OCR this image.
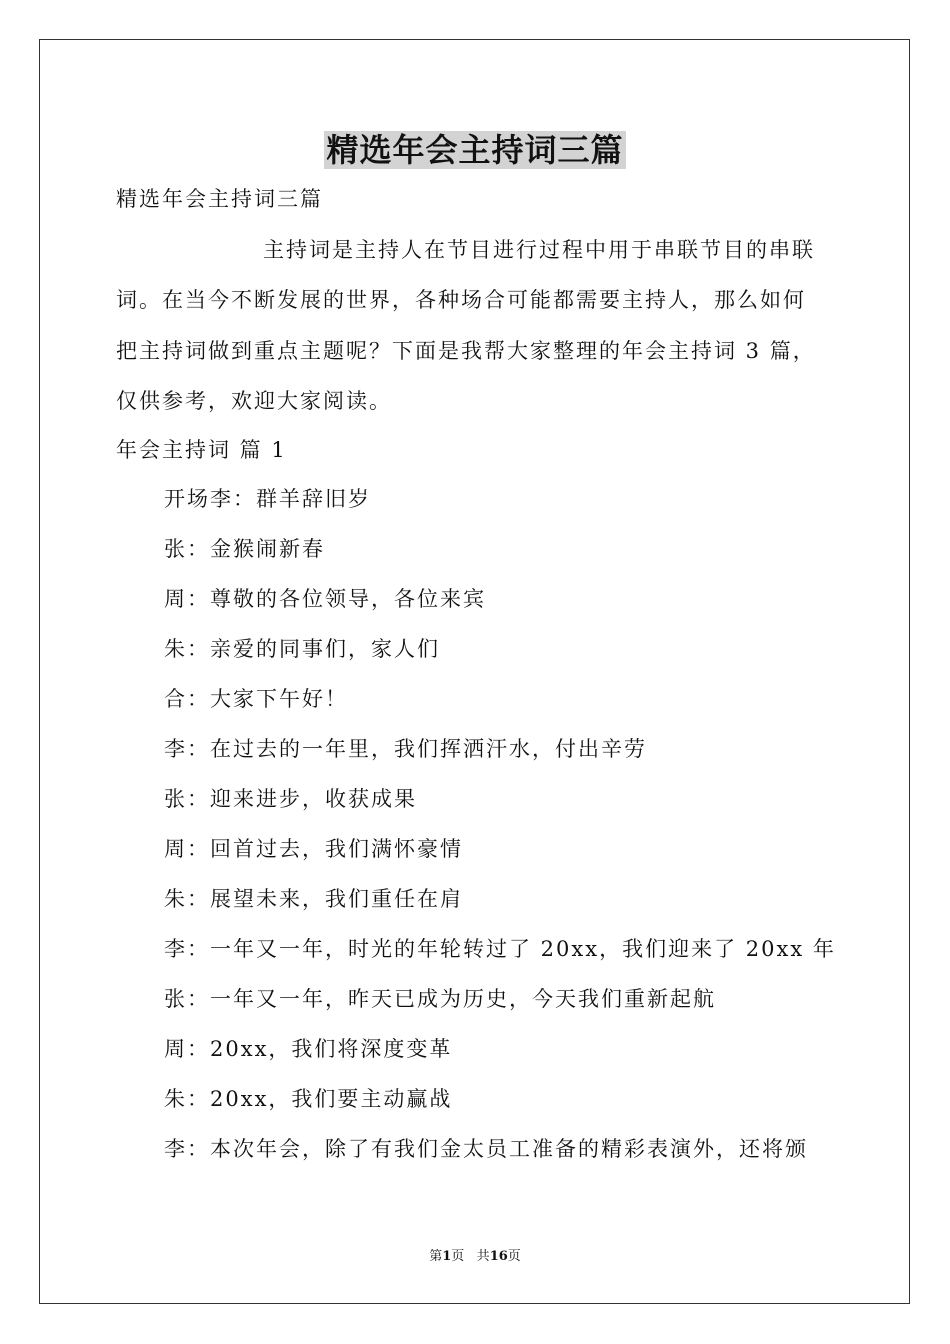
精选年会主持词三篇
精选年会主持词三篇
主持词是主持人在节目进行过程中用于串联节目的串联
词。在当今不断发展的世界，各种场合可能都需要主持人，那么如何
把主持词做到重点主题呢？下面是我帮大家整理的年会主持词 3 篇，
仅供参考，欢迎大家阅读。
年会主持词 篇 1
开场李：群羊辞旧岁
张：金猴闹新春
周：尊敬的各位领导，各位来宾
朱：亲爱的同事们，家人们
合：大家下午好！
李：在过去的一年里，我们挥洒汗水，付出辛劳
张：迎来进步，收获成果
周：回首过去，我们满怀豪情
朱：展望未来，我们重任在肩
李：一年又一年，时光的年轮转过了 20xx，我们迎来了 20xx 年
张：一年又一年，昨天已成为历史，今天我们重新起航
周：20xx，我们将深度变革
朱：20xx，我们要主动赢战
李：本次年会，除了有我们金太员工准备的精彩表演外，还将颁
第1页 共16页
